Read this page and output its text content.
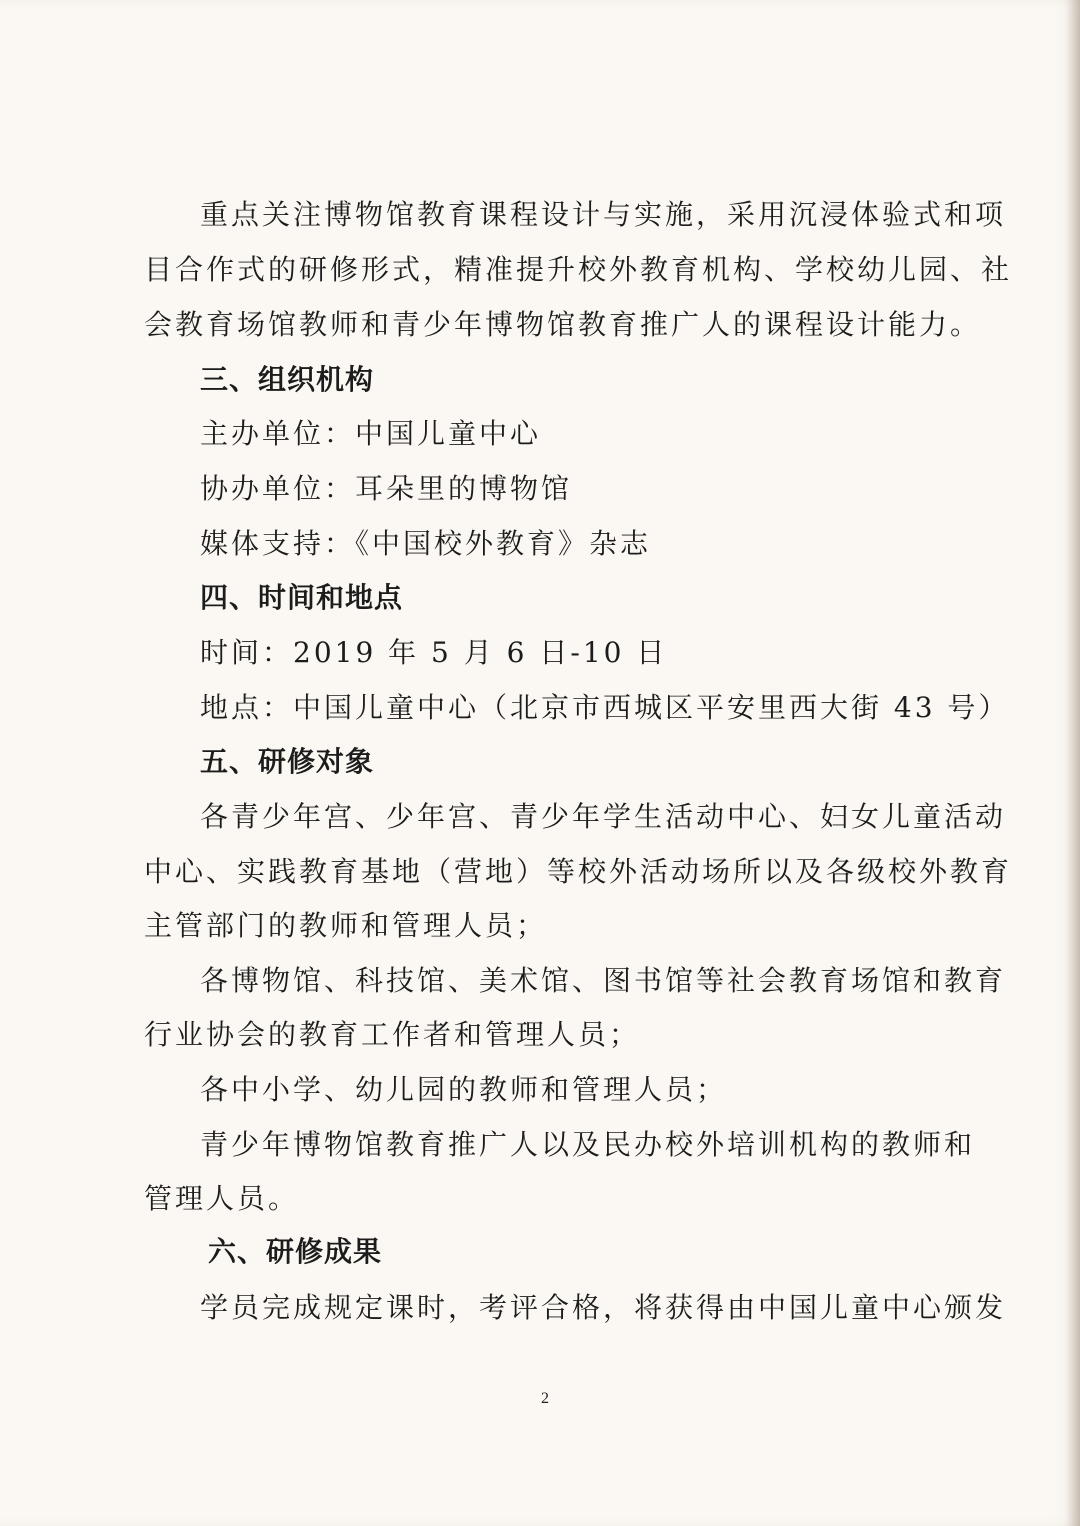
重点关注博物馆教育课程设计与实施，采用沉浸体验式和项
目合作式的研修形式，精准提升校外教育机构、学校幼儿园、社
会教育场馆教师和青少年博物馆教育推广人的课程设计能力。
三、组织机构
主办单位：中国儿童中心
协办单位：耳朵里的博物馆
媒体支持：《中国校外教育》杂志
四、时间和地点
时间：2019 年 5 月 6 日-10 日
地点：中国儿童中心（北京市西城区平安里西大街 43 号）
五、研修对象
各青少年宫、少年宫、青少年学生活动中心、妇女儿童活动
中心、实践教育基地（营地）等校外活动场所以及各级校外教育
主管部门的教师和管理人员；
各博物馆、科技馆、美术馆、图书馆等社会教育场馆和教育
行业协会的教育工作者和管理人员；
各中小学、幼儿园的教师和管理人员；
青少年博物馆教育推广人以及民办校外培训机构的教师和
管理人员。
六、研修成果
学员完成规定课时，考评合格，将获得由中国儿童中心颁发
2
